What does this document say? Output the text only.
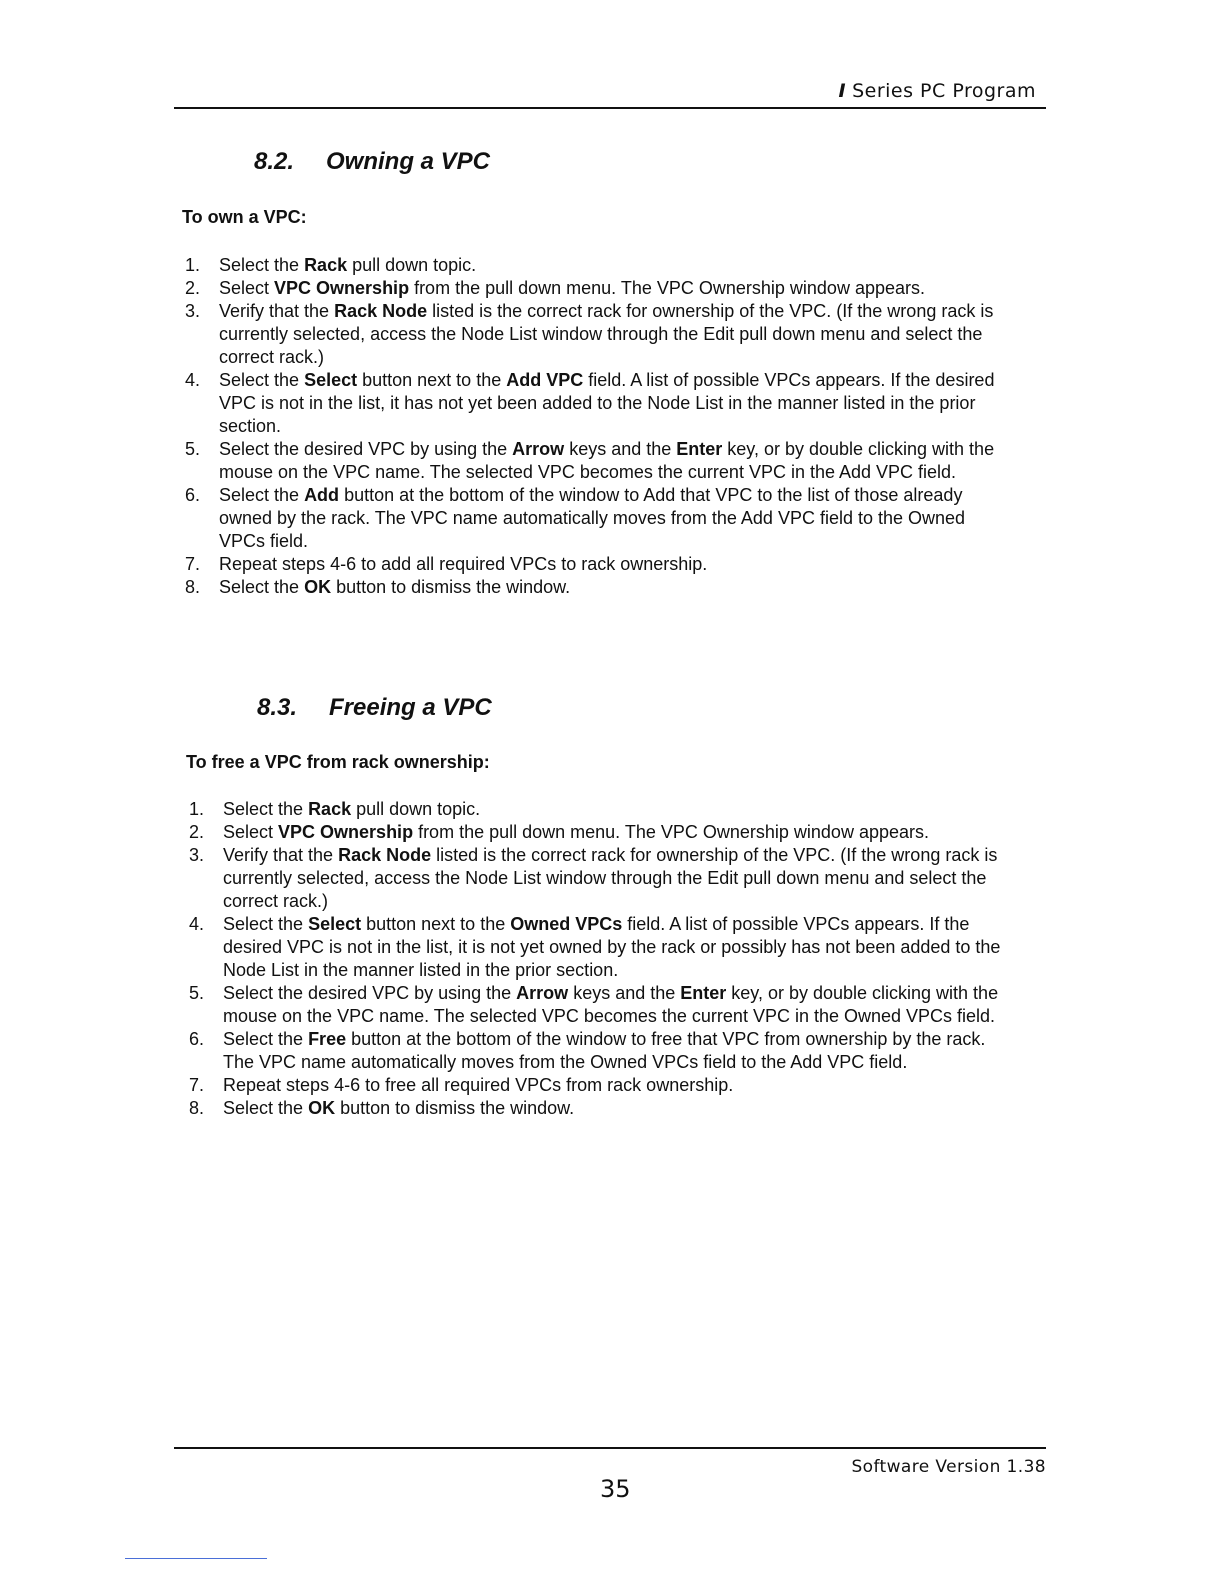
I Series PC Program
8.2. Owning a VPC
To own a VPC:
1. Select the Rack pull down topic.
2. Select VPC Ownership from the pull down menu. The VPC Ownership window appears.
3. Verify that the Rack Node listed is the correct rack for ownership of the VPC. (If the wrong rack is currently selected, access the Node List window through the Edit pull down menu and select the correct rack.)
4. Select the Select button next to the Add VPC field. A list of possible VPCs appears. If the desired VPC is not in the list, it has not yet been added to the Node List in the manner listed in the prior section.
5. Select the desired VPC by using the Arrow keys and the Enter key, or by double clicking with the mouse on the VPC name. The selected VPC becomes the current VPC in the Add VPC field.
6. Select the Add button at the bottom of the window to Add that VPC to the list of those already owned by the rack. The VPC name automatically moves from the Add VPC field to the Owned VPCs field.
7. Repeat steps 4-6 to add all required VPCs to rack ownership.
8. Select the OK button to dismiss the window.
8.3. Freeing a VPC
To free a VPC from rack ownership:
1. Select the Rack pull down topic.
2. Select VPC Ownership from the pull down menu. The VPC Ownership window appears.
3. Verify that the Rack Node listed is the correct rack for ownership of the VPC. (If the wrong rack is currently selected, access the Node List window through the Edit pull down menu and select the correct rack.)
4. Select the Select button next to the Owned VPCs field. A list of possible VPCs appears. If the desired VPC is not in the list, it is not yet owned by the rack or possibly has not been added to the Node List in the manner listed in the prior section.
5. Select the desired VPC by using the Arrow keys and the Enter key, or by double clicking with the mouse on the VPC name. The selected VPC becomes the current VPC in the Owned VPCs field.
6. Select the Free button at the bottom of the window to free that VPC from ownership by the rack. The VPC name automatically moves from the Owned VPCs field to the Add VPC field.
7. Repeat steps 4-6 to free all required VPCs from rack ownership.
8. Select the OK button to dismiss the window.
Software Version 1.38
35
